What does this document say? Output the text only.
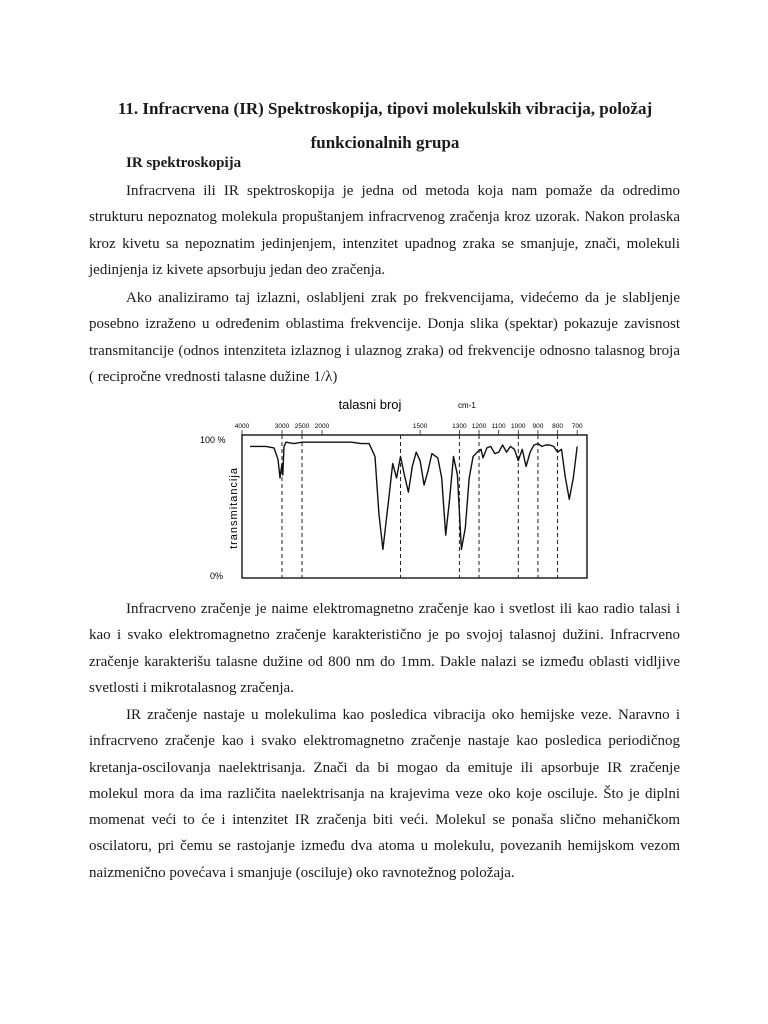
11. Infracrvena (IR) Spektroskopija, tipovi molekulskih vibracija, položaj funkcionalnih grupa
IR spektroskopija

Infracrvena ili IR spektroskopija je jedna od metoda koja nam pomaže da odredimo strukturu nepoznatog molekula propuštanjem infracrvenog zračenja kroz uzorak. Nakon prolaska kroz kivetu sa nepoznatim jedinjenjem, intenzitet upadnog zraka se smanjuje, znači, molekuli jedinjenja iz kivete apsorbuju jedan deo zračenja.

Ako analiziramo taj izlazni, oslabljeni zrak po frekvencijama, videćemo da je slabljenje posebno izraženo u određenim oblastima frekvencije. Donja slika (spektar) pokazuje zavisnost transmitancije (odnos intenziteta izlaznog i ulaznog zraka) od frekvencije odnosno talasnog broja ( recipročne vrednosti talasne dužine 1/λ)

talasni broj	cm-1
100 %
0%
transmitancija
4000	3000 2500 2000	1500	1300 1200 1100 1000 900 800 700

Infracrveno zračenje je naime elektromagnetno zračenje kao i svetlost ili kao radio talasi i kao i svako elektromagnetno zračenje karakteristično je po svojoj talasnoj dužini. Infracrveno zračenje karakterišu talasne dužine od 800 nm do 1mm. Dakle nalazi se između oblasti vidljive svetlosti i mikrotalasnog zračenja.

IR zračenje nastaje u molekulima kao posledica vibracija oko hemijske veze. Naravno i infracrveno zračenje kao i svako elektromagnetno zračenje nastaje kao posledica periodičnog kretanja-oscilovanja naelektrisanja. Znači da bi mogao da emituje ili apsorbuje IR zračenje molekul mora da ima različita naelektrisanja na krajevima veze oko koje osciluje. Što je diplni momenat veći to će i intenzitet IR zračenja biti veći. Molekul se ponaša slično mehaničkom oscilatoru, pri čemu se rastojanje između dva atoma u molekulu, povezanih hemijskom vezom naizmenično povećava i smanjuje (osciluje) oko ravnotežnog položaja.
